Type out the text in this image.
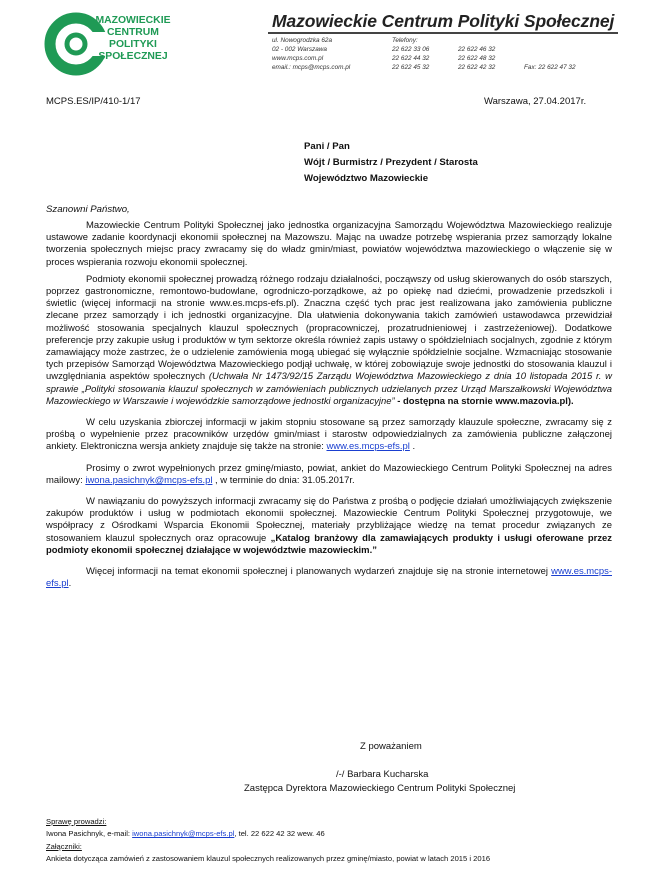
MAZOWIECKIE
CENTRUM
POLITYKI
SPOŁECZNEJ
Mazowieckie Centrum Polityki Społecznej
ul. Nowogrodzka 62a
02 - 002 Warszawa
www.mcps.com.pl
email.: mcps@mcps.com.pl
Telefony:
22 622 33 06
22 622 44 32
22 622 45 32
22 622 46 32
22 622 48 32
22 622 42 32	Fax: 22 622 47 32
MCPS.ES/IP/410-1/17	Warszawa, 27.04.2017r.
Pani / Pan
Wójt / Burmistrz / Prezydent / Starosta
Województwo Mazowieckie
Szanowni Państwo,

Mazowieckie Centrum Polityki Społecznej jako jednostka organizacyjna Samorządu Województwa Mazowieckiego realizuje ustawowe zadanie koordynacji ekonomii społecznej na Mazowszu. Mając na uwadze potrzebę wspierania przez samorządy lokalne tworzenia społecznych miejsc pracy zwracamy się do władz gmin/miast, powiatów województwa mazowieckiego o włączenie się w proces wspierania rozwoju ekonomii społecznej.

Podmioty ekonomii społecznej prowadzą różnego rodzaju działalności, począwszy od usług skierowanych do osób starszych, poprzez gastronomiczne, remontowo-budowlane, ogrodniczo-porządkowe, aż po opiekę nad dziećmi, prowadzenie przedszkoli i świetlic (więcej informacji na stronie www.es.mcps-efs.pl). Znaczna część tych prac jest realizowana jako zamówienia publiczne zlecane przez samorządy i ich jednostki organizacyjne. Dla ułatwienia dokonywania takich zamówień ustawodawca przewidział możliwość stosowania specjalnych klauzul społecznych (propracowniczej, prozatrudnieniowej i zastrzeżeniowej). Dodatkowe preferencje przy zakupie usług i produktów w tym sektorze określa również zapis ustawy o spółdzielniach socjalnych, zgodnie z którym zamawiający może zastrzec, że o udzielenie zamówienia mogą ubiegać się wyłącznie spółdzielnie socjalne. Wzmacniając stosowanie tych przepisów Samorząd Województwa Mazowieckiego podjął uchwałę, w której zobowiązuje swoje jednostki do stosowania klauzul i uwzględniania aspektów społecznych (Uchwała Nr 1473/92/15 Zarządu Województwa Mazowieckiego z dnia 10 listopada 2015 r. w sprawie „Polityki stosowania klauzul społecznych w zamówieniach publicznych udzielanych przez Urząd Marszałkowski Województwa Mazowieckiego w Warszawie i wojewódzkie samorządowe jednostki organizacyjne” - dostępna na stornie www.mazovia.pl).

W celu uzyskania zbiorczej informacji w jakim stopniu stosowane są przez samorządy klauzule społeczne, zwracamy się z prośbą o wypełnienie przez pracowników urzędów gmin/miast i starostw odpowiedzialnych za zamówienia publiczne załączonej ankiety. Elektroniczna wersja ankiety znajduje się także na stronie: www.es.mcps-efs.pl .

Prosimy o zwrot wypełnionych przez gminę/miasto, powiat, ankiet do Mazowieckiego Centrum Polityki Społecznej na adres mailowy: iwona.pasichnyk@mcps-efs.pl , w terminie do dnia: 31.05.2017r.

W nawiązaniu do powyższych informacji zwracamy się do Państwa z prośbą o podjęcie działań umożliwiających zwiększenie zakupów produktów i usług w podmiotach ekonomii społecznej. Mazowieckie Centrum Polityki Społecznej przygotowuje, we współpracy z Ośrodkami Wsparcia Ekonomii Społecznej, materiały przybliżające wiedzę na temat procedur związanych ze stosowaniem klauzul społecznych oraz opracowuje „Katalog branżowy dla zamawiających produkty i usługi oferowane przez podmioty ekonomii społecznej działające w województwie mazowieckim.”

Więcej informacji na temat ekonomii społecznej i planowanych wydarzeń znajduje się na stronie internetowej www.es.mcps-efs.pl.

Z poważaniem
/-/ Barbara Kucharska
Zastępca Dyrektora Mazowieckiego Centrum Polityki Społecznej
Sprawę prowadzi:
Iwona Pasichnyk, e-mail: iwona.pasichnyk@mcps-efs.pl, tel. 22 622 42 32 wew. 46
Załączniki:
Ankieta dotycząca zamówień z zastosowaniem klauzul społecznych realizowanych przez gminę/miasto, powiat w latach 2015 i 2016
